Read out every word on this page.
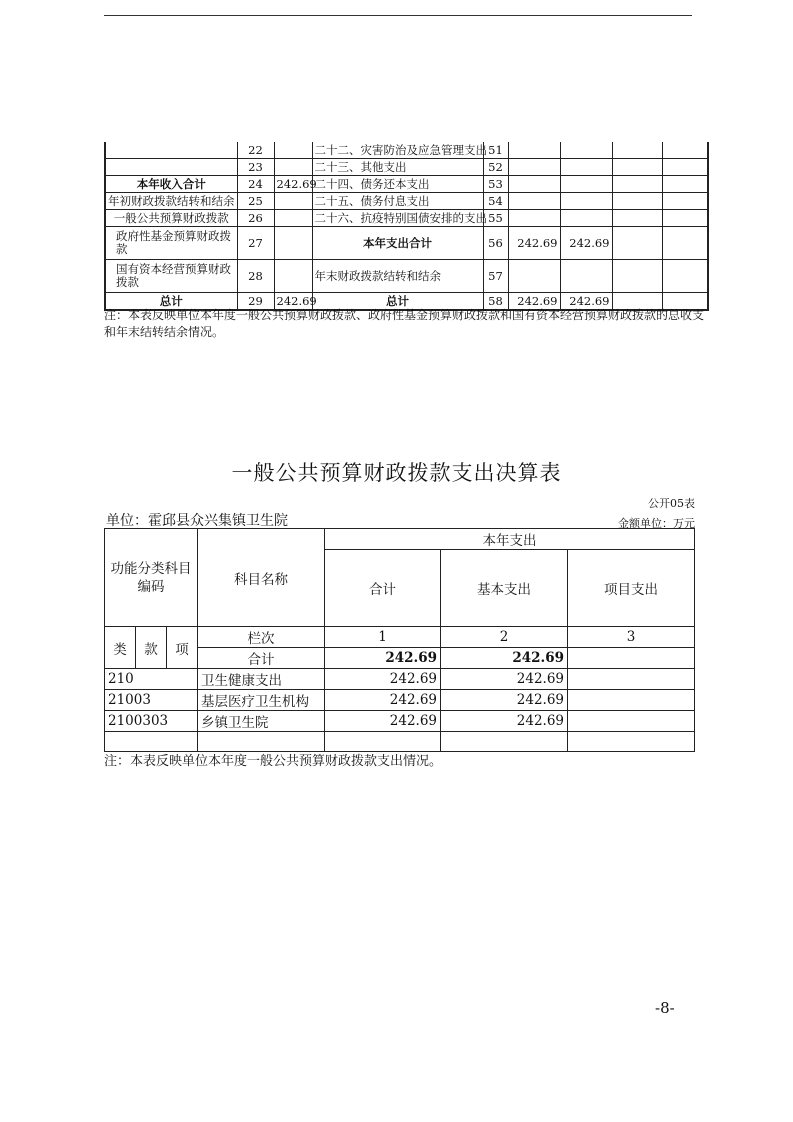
	22		二十二、灾害防治及应急管理支出	51				
	23		二十三、其他支出	52				
本年收入合计	24	242.69	二十四、债务还本支出	53				
年初财政拨款结转和结余	25		二十五、债务付息支出	54				
一般公共预算财政拨款	26		二十六、抗疫特别国债安排的支出	55				
政府性基金预算财政拨款	27		本年支出合计	56	242.69	242.69		
国有资本经营预算财政拨款	28		年末财政拨款结转和结余	57				
总计	29	242.69	总计	58	242.69	242.69		
注：本表反映单位本年度一般公共预算财政拨款、政府性基金预算财政拨款和国有资本经营预算财政拨款的总收支和年末结转结余情况。
一般公共预算财政拨款支出决算表
公开05表
单位：霍邱县众兴集镇卫生院	金额单位：万元
功能分类科目编码			科目名称	本年支出		
				合计	基本支出	项目支出
类	款	项	栏次	1	2	3
			合计	242.69	242.69	
210			卫生健康支出	242.69	242.69	
21003			基层医疗卫生机构	242.69	242.69	
2100303			乡镇卫生院	242.69	242.69	

注：本表反映单位本年度一般公共预算财政拨款支出情况。
-8-
